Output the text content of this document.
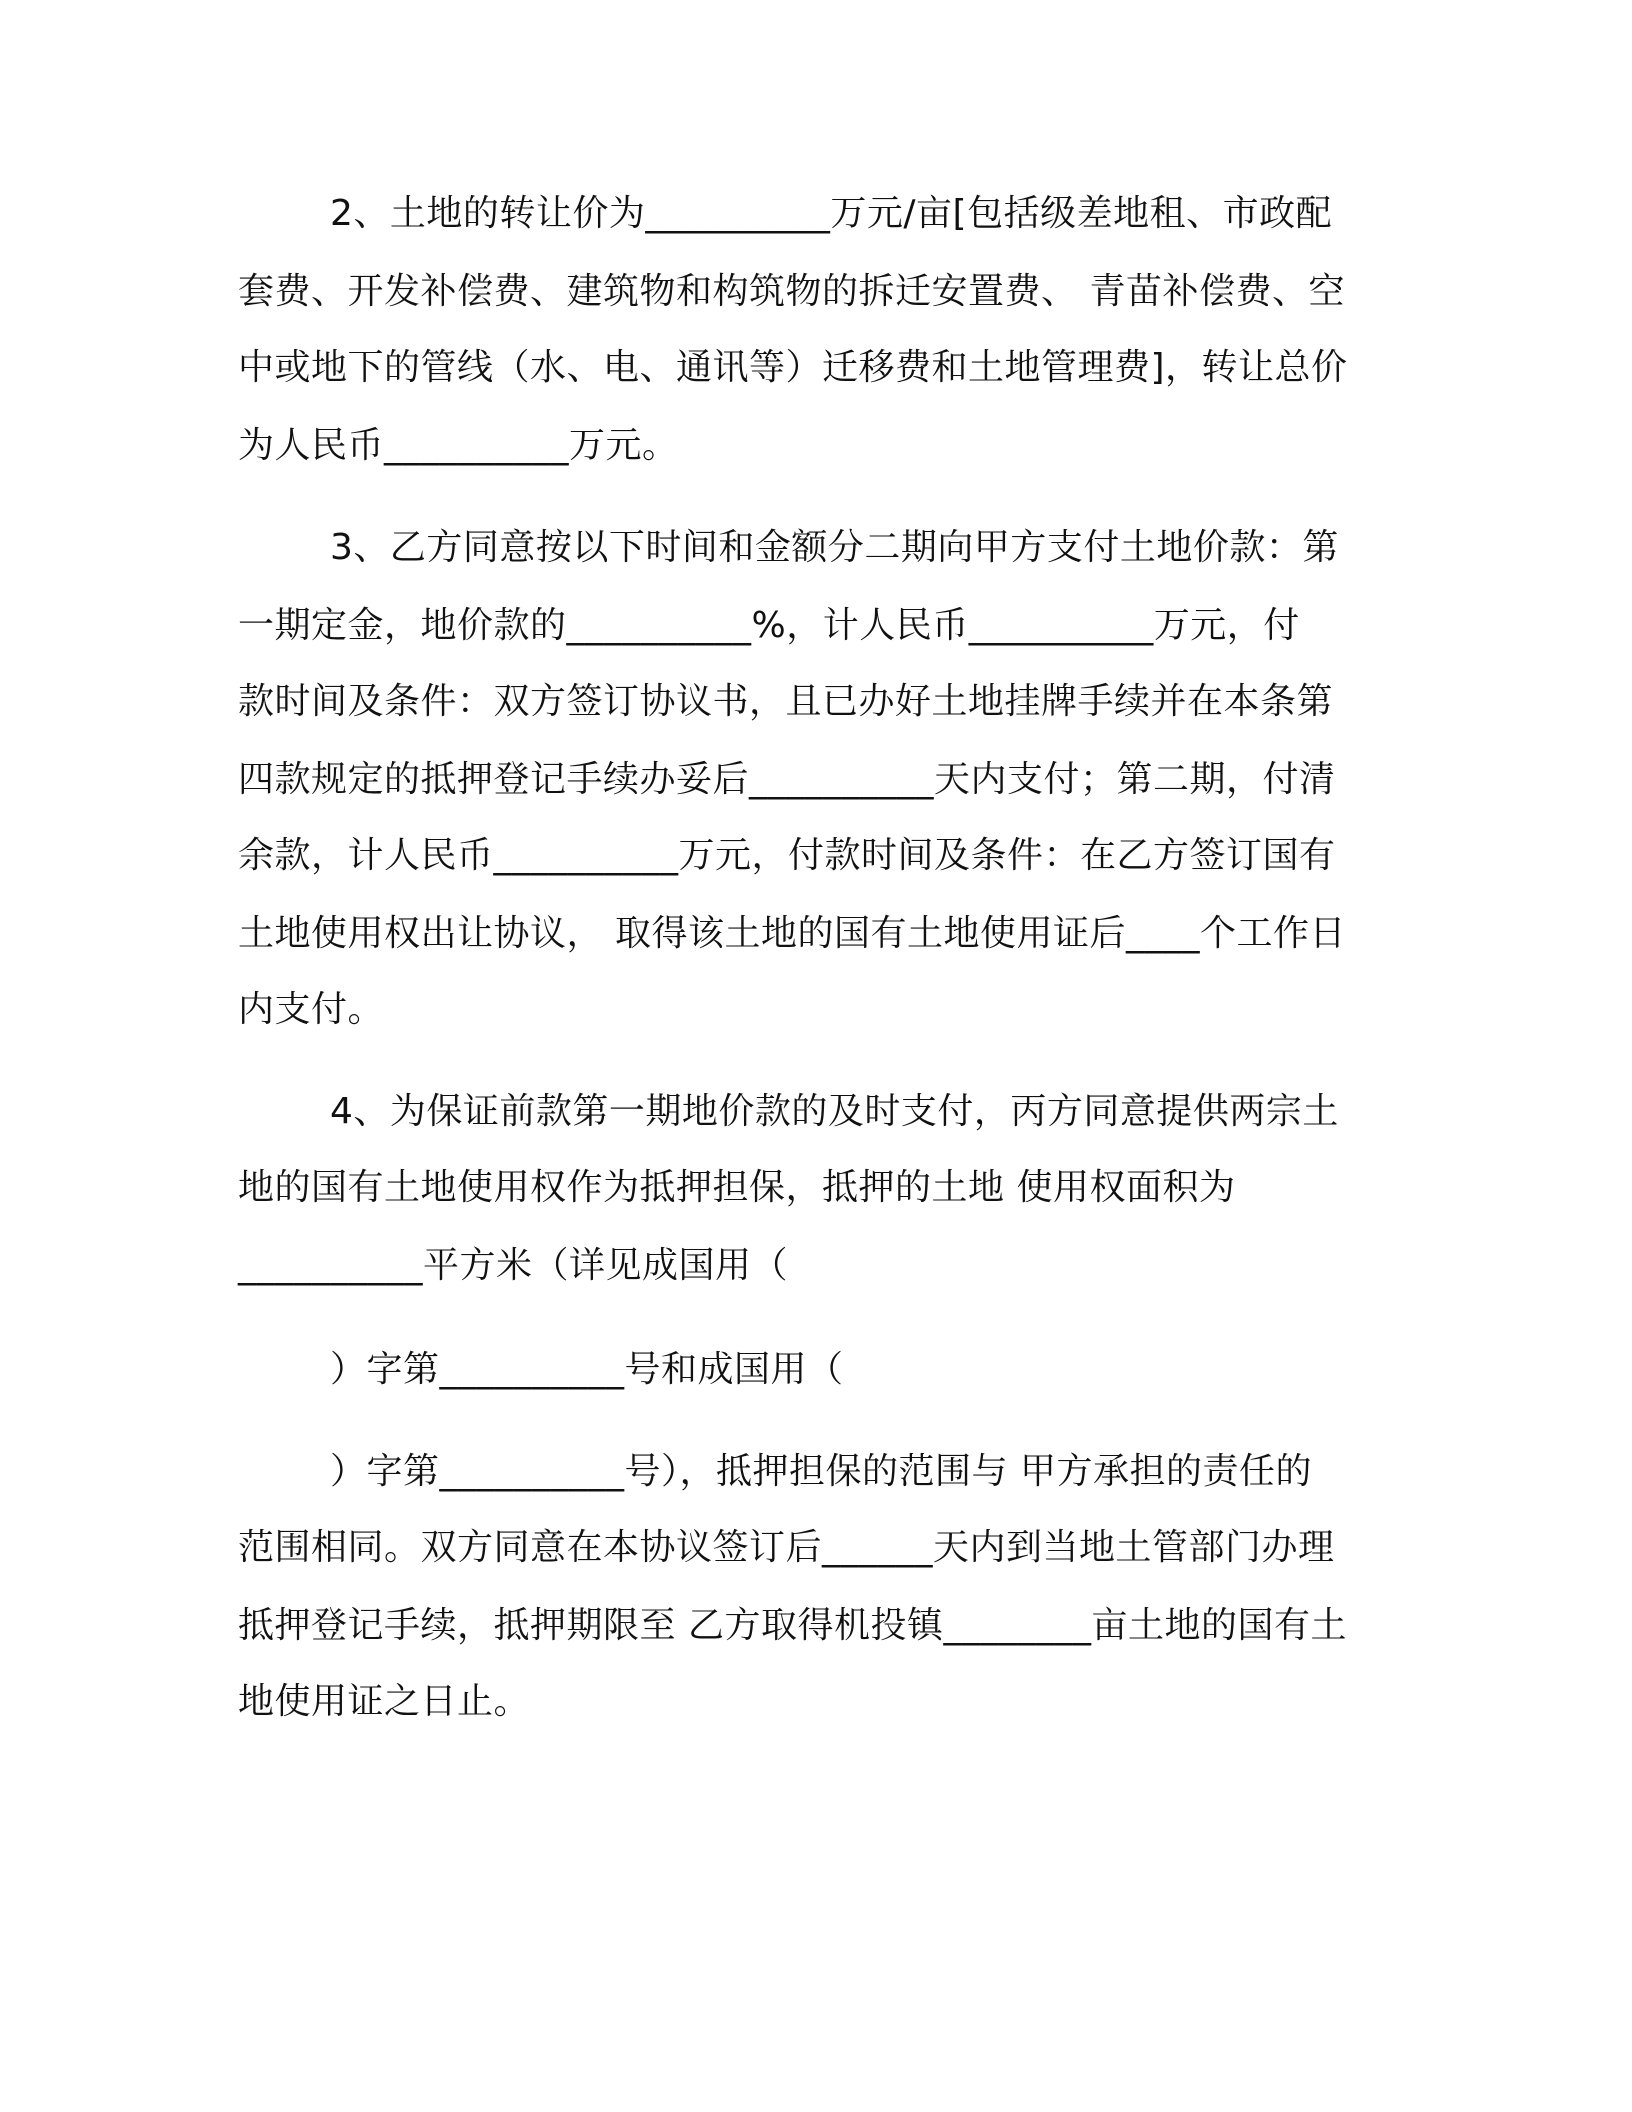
2、土地的转让价为__________万元/亩[包括级差地租、市政配
套费、开发补偿费、建筑物和构筑物的拆迁安置费、 青苗补偿费、空
中或地下的管线（水、电、通讯等）迁移费和土地管理费]，转让总价
为人民币__________万元。
3、乙方同意按以下时间和金额分二期向甲方支付土地价款：第
一期定金，地价款的__________%，计人民币__________万元，付
款时间及条件：双方签订协议书，且已办好土地挂牌手续并在本条第
四款规定的抵押登记手续办妥后__________天内支付；第二期，付清
余款，计人民币__________万元，付款时间及条件：在乙方签订国有
土地使用权出让协议， 取得该土地的国有土地使用证后____个工作日
内支付。
4、为保证前款第一期地价款的及时支付，丙方同意提供两宗土
地的国有土地使用权作为抵押担保，抵押的土地 使用权面积为
__________平方米（详见成国用（
）字第__________号和成国用（
）字第__________号），抵押担保的范围与 甲方承担的责任的
范围相同。双方同意在本协议签订后______天内到当地土管部门办理
抵押登记手续，抵押期限至 乙方取得机投镇________亩土地的国有土
地使用证之日止。
